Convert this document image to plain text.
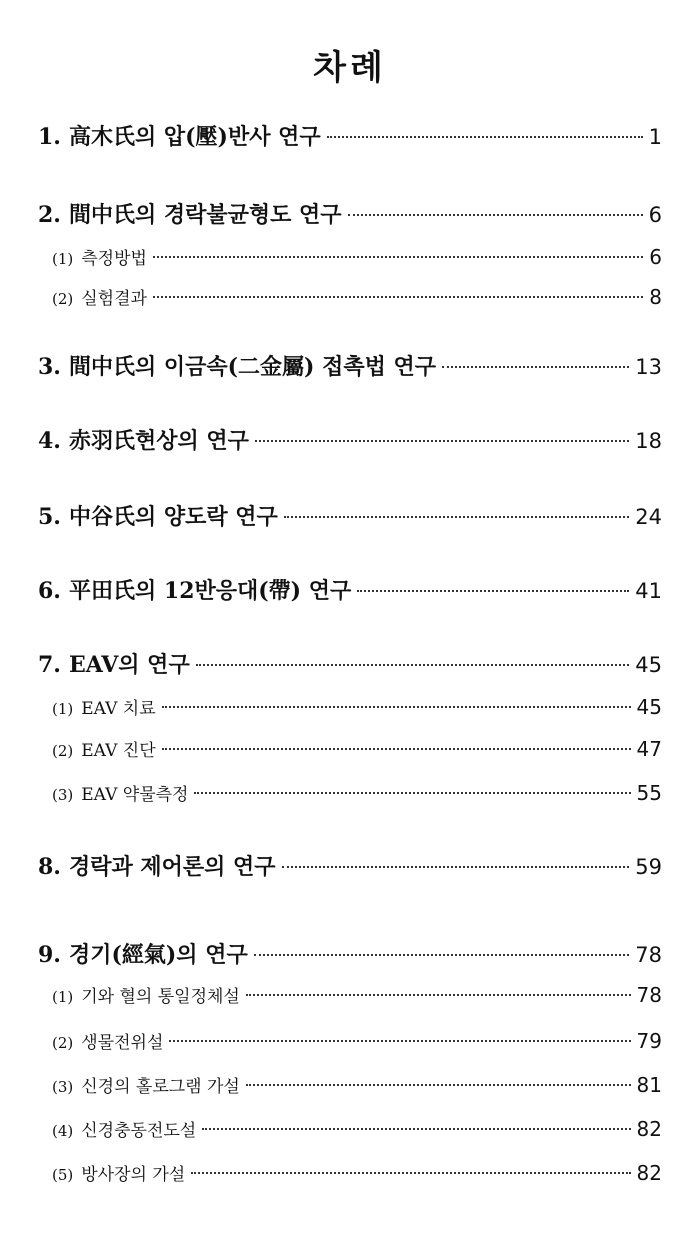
차례
1. 高木氏의 압(壓)반사 연구	1
2. 間中氏의 경락불균형도 연구	6
(1) 측정방법	6
(2) 실험결과	8
3. 間中氏의 이금속(二金屬) 접촉법 연구	13
4. 赤羽氏현상의 연구	18
5. 中谷氏의 양도락 연구	24
6. 平田氏의 12반응대(帶) 연구	41
7. EAV의 연구	45
(1) EAV 치료	45
(2) EAV 진단	47
(3) EAV 약물측정	55
8. 경락과 제어론의 연구	59
9. 경기(經氣)의 연구	78
(1) 기와 혈의 통일정체설	78
(2) 생물전위설	79
(3) 신경의 홀로그램 가설	81
(4) 신경충동전도설	82
(5) 방사장의 가설	82
